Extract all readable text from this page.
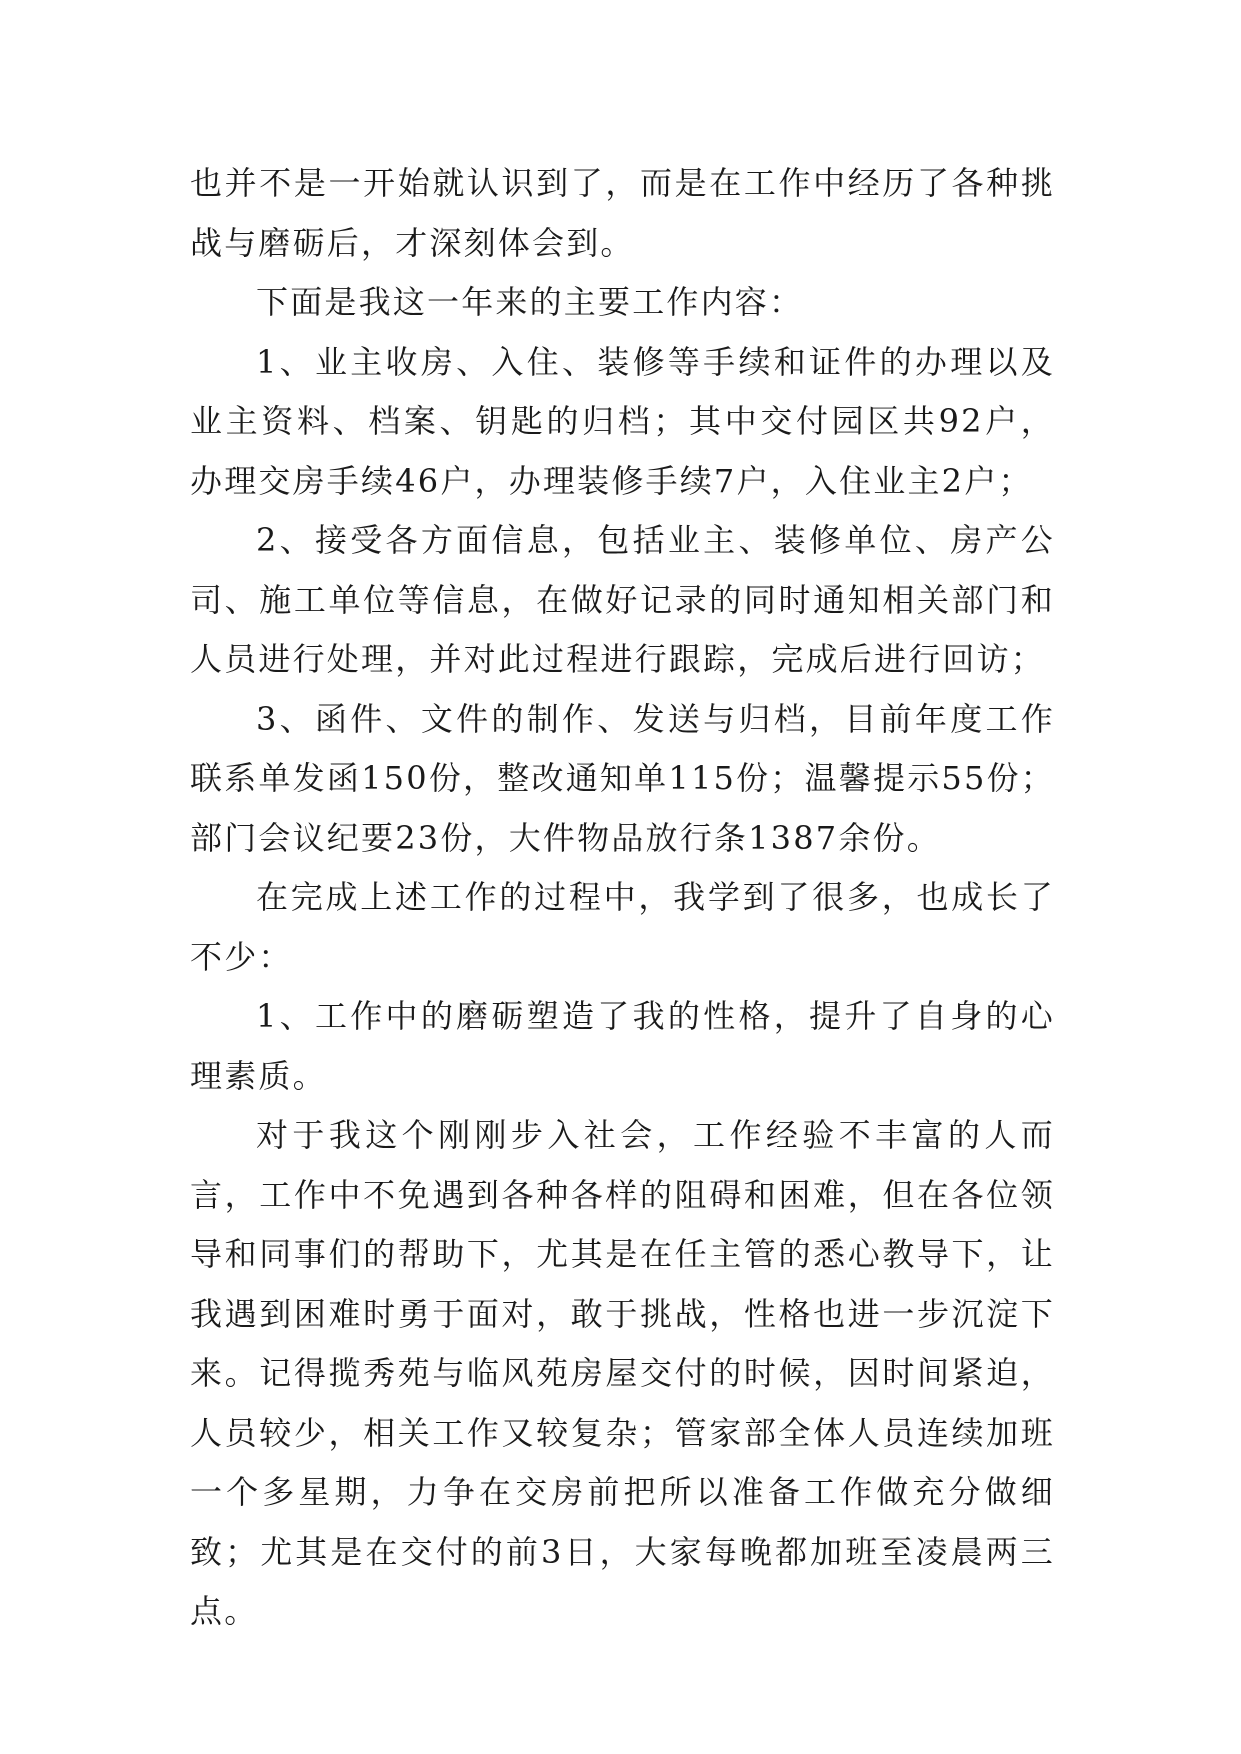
也并不是一开始就认识到了，而是在工作中经历了各种挑战与磨砺后，才深刻体会到。

下面是我这一年来的主要工作内容：

1、业主收房、入住、装修等手续和证件的办理以及业主资料、档案、钥匙的归档；其中交付园区共92户，办理交房手续46户，办理装修手续7户，入住业主2户；

2、接受各方面信息，包括业主、装修单位、房产公司、施工单位等信息，在做好记录的同时通知相关部门和人员进行处理，并对此过程进行跟踪，完成后进行回访；

3、函件、文件的制作、发送与归档，目前年度工作联系单发函150份，整改通知单115份；温馨提示55份；部门会议纪要23份，大件物品放行条1387余份。

在完成上述工作的过程中，我学到了很多，也成长了不少：

1、工作中的磨砺塑造了我的性格，提升了自身的心理素质。

对于我这个刚刚步入社会，工作经验不丰富的人而言，工作中不免遇到各种各样的阻碍和困难，但在各位领导和同事们的帮助下，尤其是在任主管的悉心教导下，让我遇到困难时勇于面对，敢于挑战，性格也进一步沉淀下来。记得揽秀苑与临风苑房屋交付的时候，因时间紧迫，人员较少，相关工作又较复杂；管家部全体人员连续加班一个多星期，力争在交房前把所以准备工作做充分做细致；尤其是在交付的前3日，大家每晚都加班至凌晨两三点。
